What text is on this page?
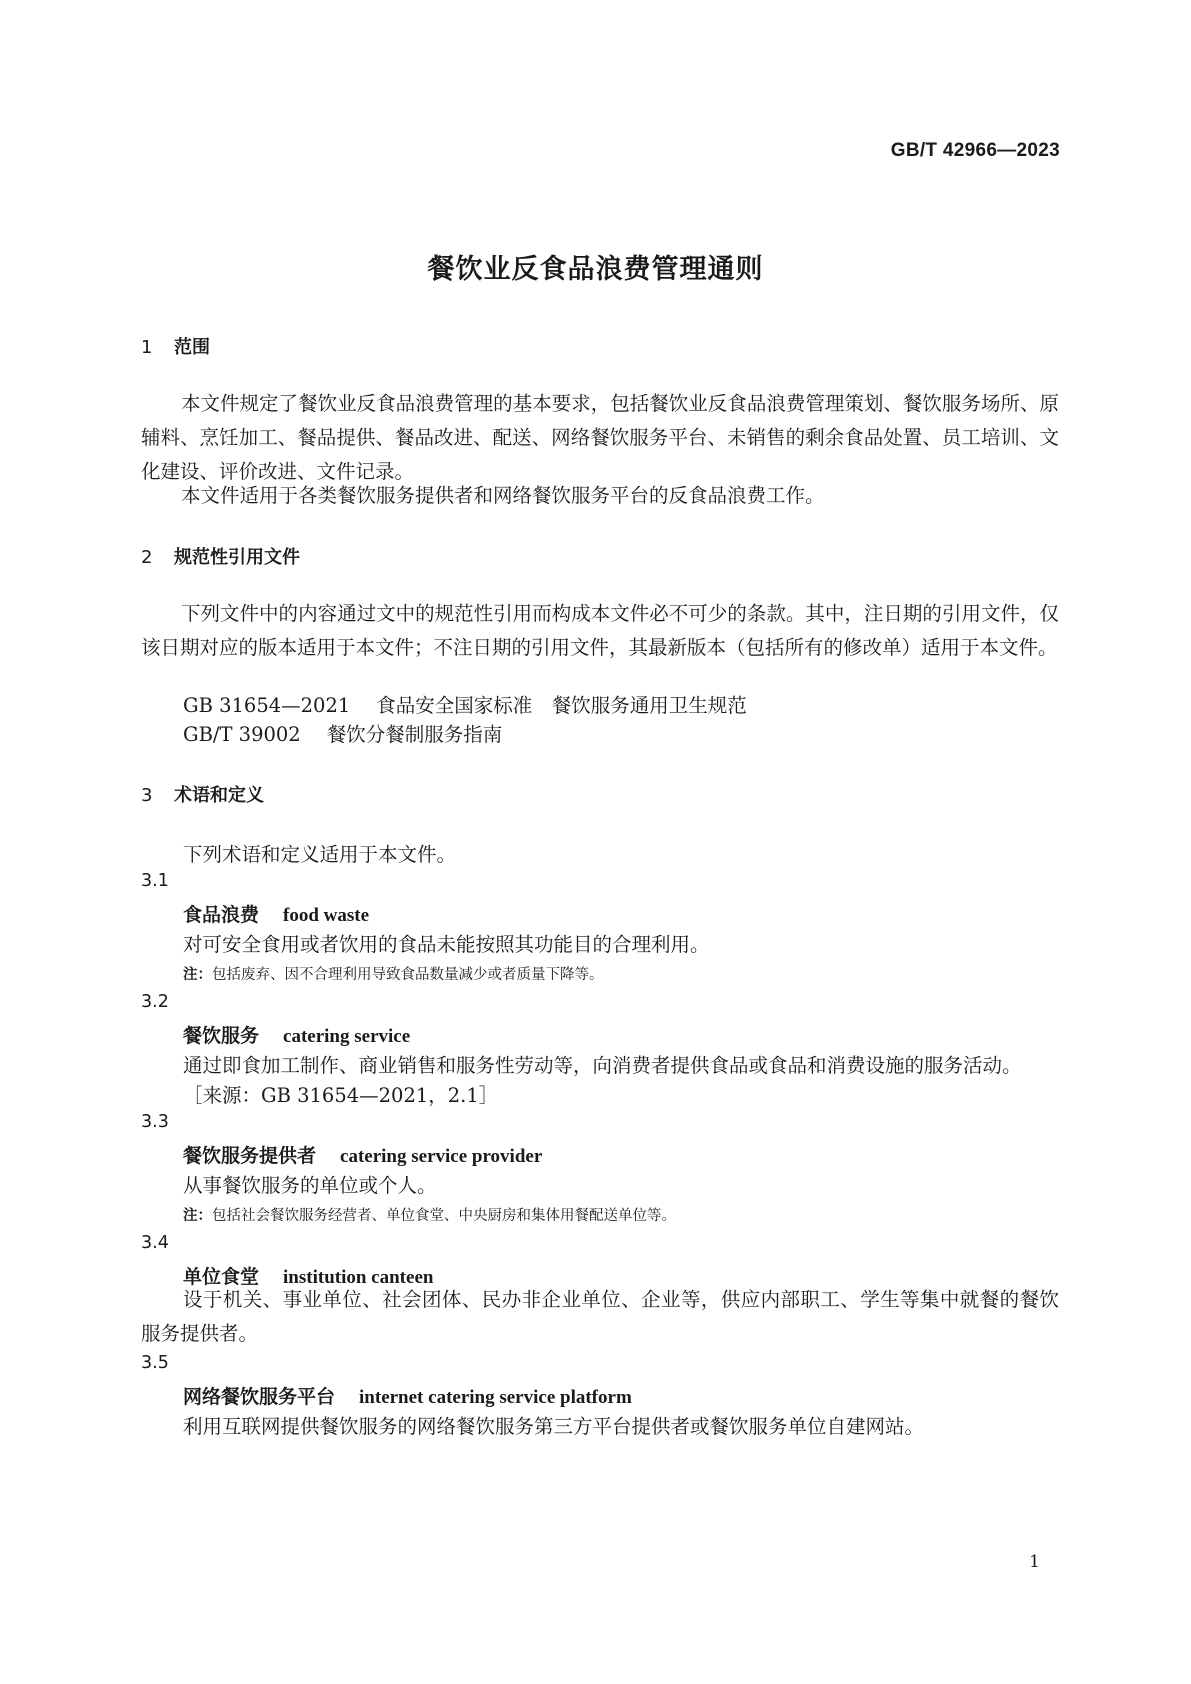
GB/T 42966—2023
餐饮业反食品浪费管理通则
1 范围

本文件规定了餐饮业反食品浪费管理的基本要求，包括餐饮业反食品浪费管理策划、餐饮服务场所、原辅料、烹饪加工、餐品提供、餐品改进、配送、网络餐饮服务平台、未销售的剩余食品处置、员工培训、文化建设、评价改进、文件记录。

本文件适用于各类餐饮服务提供者和网络餐饮服务平台的反食品浪费工作。

2 规范性引用文件

下列文件中的内容通过文中的规范性引用而构成本文件必不可少的条款。其中，注日期的引用文件，仅该日期对应的版本适用于本文件；不注日期的引用文件，其最新版本（包括所有的修改单）适用于本文件。

GB 31654—2021 食品安全国家标准　餐饮服务通用卫生规范
GB/T 39002 餐饮分餐制服务指南
3 术语和定义
下列术语和定义适用于本文件。
3.1
食品浪费 food waste
对可安全食用或者饮用的食品未能按照其功能目的合理利用。
注：包括废弃、因不合理利用导致食品数量减少或者质量下降等。
3.2
餐饮服务 catering service
通过即食加工制作、商业销售和服务性劳动等，向消费者提供食品或食品和消费设施的服务活动。
［来源：GB 31654—2021，2.1］
3.3
餐饮服务提供者 catering service provider
从事餐饮服务的单位或个人。
注：包括社会餐饮服务经营者、单位食堂、中央厨房和集体用餐配送单位等。
3.4
单位食堂 institution canteen

设于机关、事业单位、社会团体、民办非企业单位、企业等，供应内部职工、学生等集中就餐的餐饮服务提供者。

3.5
网络餐饮服务平台 internet catering service platform
利用互联网提供餐饮服务的网络餐饮服务第三方平台提供者或餐饮服务单位自建网站。
1
